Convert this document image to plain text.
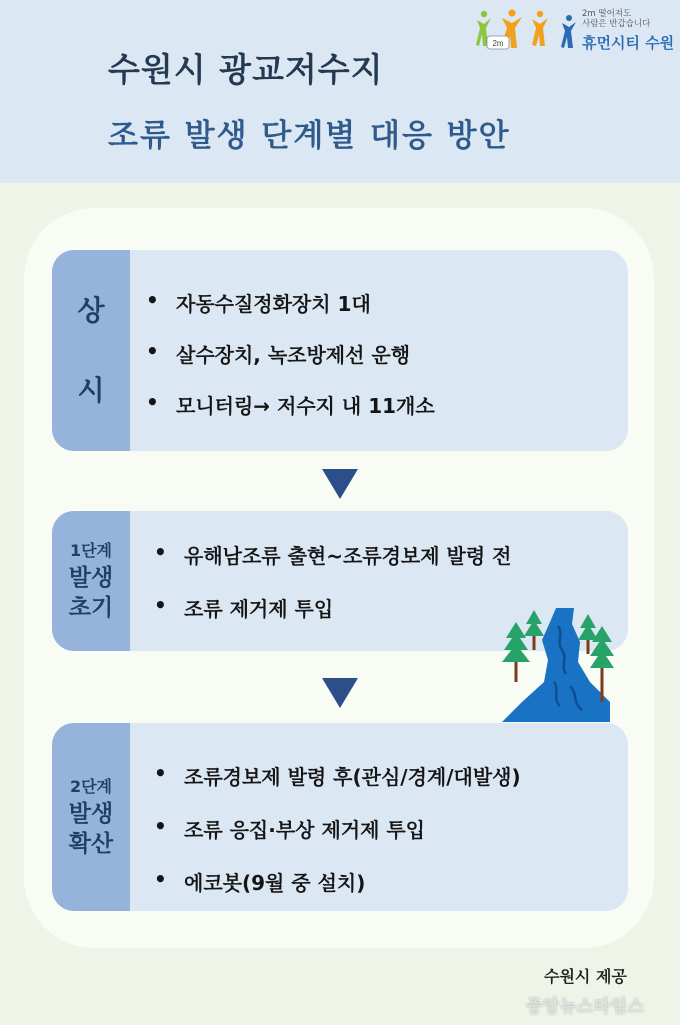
수원시 광교저수지
조류 발생 단계별 대응 방안
2m
2m 떨어져도
사람은 반갑습니다
휴먼시티 수원
상
시
• 자동수질정화장치 1대
• 살수장치, 녹조방제선 운행
• 모니터링→ 저수지 내 11개소
1단계
발생
초기
• 유해남조류 출현~조류경보제 발령 전
• 조류 제거제 투입
2단계
발생
확산
• 조류경보제 발령 후(관심/경계/대발생)
• 조류 응집·부상 제거제 투입
• 에코봇(9월 중 설치)
수원시 제공
중앙뉴스타임스
